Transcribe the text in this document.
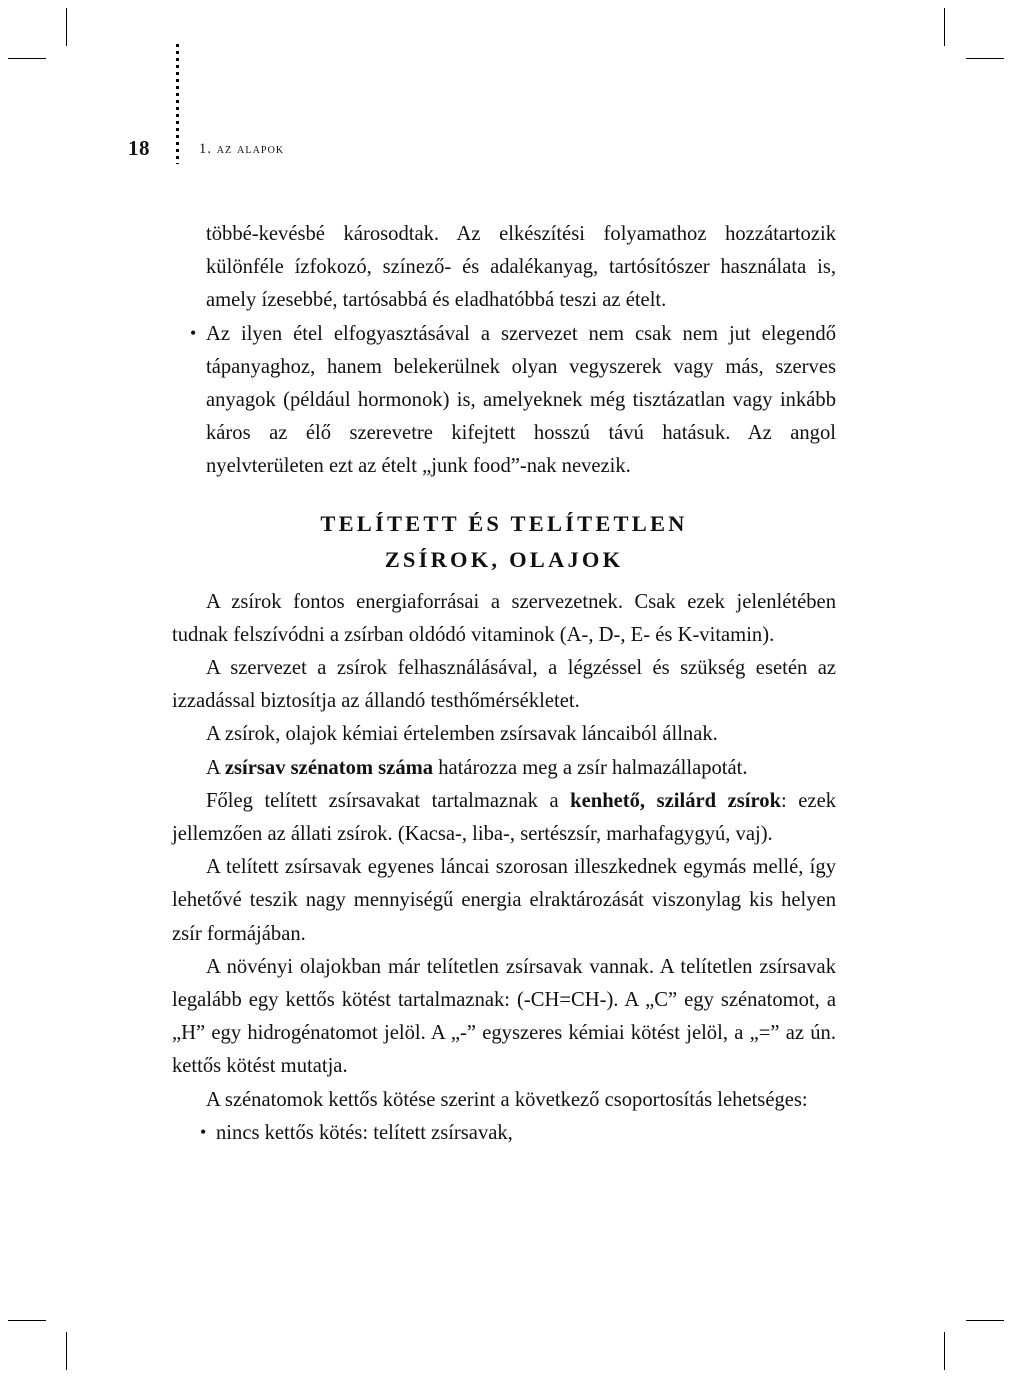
18	1. az alapok

többé-kevésbé károsodtak. Az elkészítési folyamathoz hozzátartozik különféle ízfokozó, színező- és adalékanyag, tartósítószer használata is, amely ízesebbé, tartósabbá és eladhatóbbá teszi az ételt.

• Az ilyen étel elfogyasztásával a szervezet nem csak nem jut elegendő tápanyaghoz, hanem belekerülnek olyan vegyszerek vagy más, szerves anyagok (például hormonok) is, amelyeknek még tisztázatlan vagy inkább káros az élő szerevetre kifejtett hosszú távú hatásuk. Az angol nyelvterületen ezt az ételt „junk food”-nak nevezik.
TELÍTETT ÉS TELÍTETLEN
ZSÍROK, OLAJOK

A zsírok fontos energiaforrásai a szervezetnek. Csak ezek jelenlétében tudnak felszívódni a zsírban oldódó vitaminok (A-, D-, E- és K-vitamin).

A szervezet a zsírok felhasználásával, a légzéssel és szükség esetén az izzadással biztosítja az állandó testhőmérsékletet.

A zsírok, olajok kémiai értelemben zsírsavak láncaiból állnak.

A zsírsav szénatom száma határozza meg a zsír halmazállapotát.

Főleg telített zsírsavakat tartalmaznak a kenhető, szilárd zsírok: ezek jellemzően az állati zsírok. (Kacsa-, liba-, sertészsír, marhafagygyú, vaj).

A telített zsírsavak egyenes láncai szorosan illeszkednek egymás mellé, így lehetővé teszik nagy mennyiségű energia elraktározását viszonylag kis helyen zsír formájában.

A növényi olajokban már telítetlen zsírsavak vannak. A telítetlen zsírsavak legalább egy kettős kötést tartalmaznak: (-CH=CH-). A „C” egy szénatomot, a „H” egy hidrogénatomot jelöl. A „-” egyszeres kémiai kötést jelöl, a „=” az ún. kettős kötést mutatja.

A szénatomok kettős kötése szerint a következő csoportosítás lehetséges:

• nincs kettős kötés: telített zsírsavak,
